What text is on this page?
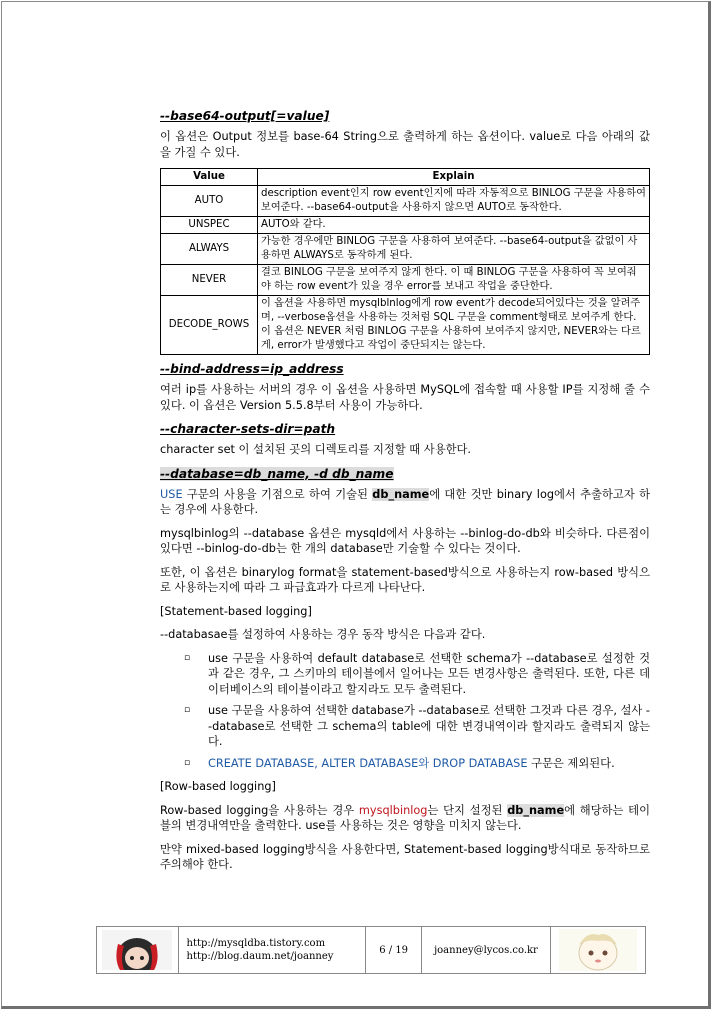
--base64-output[=value]

이 옵션은 Output 정보를 base-64 String으로 출력하게 하는 옵션이다. value로 다음 아래의 값을 가질 수 있다.

Value	Explain
AUTO	description event인지 row event인지에 따라 자동적으로 BINLOG 구문을 사용하여 보여준다. --base64-output을 사용하지 않으면 AUTO로 동작한다.
UNSPEC	AUTO와 같다.
ALWAYS	가능한 경우에만 BINLOG 구문을 사용하여 보여준다. --base64-output을 값없이 사용하면 ALWAYS로 동작하게 된다.
NEVER	결코 BINLOG 구문을 보여주지 않게 한다. 이 때 BINLOG 구문을 사용하여 꼭 보여줘야 하는 row event가 있을 경우 error를 보내고 작업을 중단한다.
DECODE_ROWS	이 옵션을 사용하면 mysqlblnlog에게 row event가 decode되어있다는 것을 알려주며, --verbose옵션을 사용하는 것처럼 SQL 구문을 comment형태로 보여주게 한다.
이 옵션은 NEVER 처럼 BINLOG 구문을 사용하여 보여주지 않지만, NEVER와는 다르게, error가 발생했다고 작업이 중단되지는 않는다.
--bind-address=ip_address

여러 ip를 사용하는 서버의 경우 이 옵션을 사용하면 MySQL에 접속할 때 사용할 IP를 지정해 줄 수 있다. 이 옵션은 Version 5.5.8부터 사용이 가능하다.

--character-sets-dir=path

character set 이 설치된 곳의 디렉토리를 지정할 때 사용한다.

--database=db_name, -d db_name

USE 구문의 사용을 기점으로 하여 기술된 db_name에 대한 것만 binary log에서 추출하고자 하는 경우에 사용한다.

mysqlbinlog의 --database 옵션은 mysqld에서 사용하는 --binlog-do-db와 비슷하다. 다른점이 있다면 --binlog-do-db는 한 개의 database만 기술할 수 있다는 것이다.

또한, 이 옵션은 binarylog format을 statement-based방식으로 사용하는지 row-based 방식으로 사용하는지에 따라 그 파급효과가 다르게 나타난다.

[Statement-based logging]

--databasae를 설정하여 사용하는 경우 동작 방식은 다음과 같다.

▫ use 구문을 사용하여 default database로 선택한 schema가 --database로 설정한 것과 같은 경우, 그 스키마의 테이블에서 일어나는 모든 변경사항은 출력된다. 또한, 다른 데이터베이스의 테이블이라고 할지라도 모두 출력된다.
▫ use 구문을 사용하여 선택한 database가 --database로 선택한 그것과 다른 경우, 설사 --database로 선택한 그 schema의 table에 대한 변경내역이라 할지라도 출력되지 않는다.
▫ CREATE DATABASE, ALTER DATABASE와 DROP DATABASE 구문은 제외된다.

[Row-based logging]

Row-based logging을 사용하는 경우 mysqlbinlog는 단지 설정된 db_name에 해당하는 테이블의 변경내역만을 출력한다. use를 사용하는 것은 영향을 미치지 않는다.

만약 mixed-based logging방식을 사용한다면, Statement-based logging방식대로 동작하므로 주의해야 한다.

http://mysqldba.tistory.com
http://blog.daum.net/joanney
6 / 19	joanney@lycos.co.kr
